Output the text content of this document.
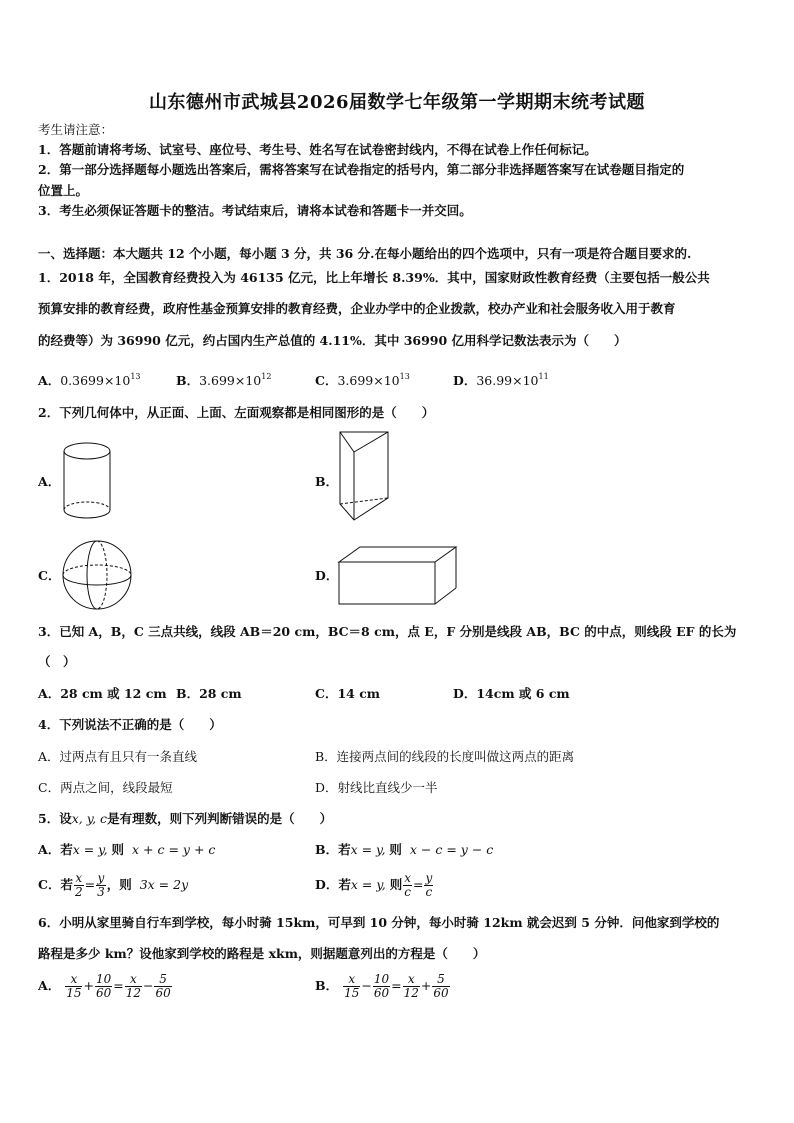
山东德州市武城县2026届数学七年级第一学期期末统考试题
考生请注意：
1．答题前请将考场、试室号、座位号、考生号、姓名写在试卷密封线内，不得在试卷上作任何标记。
2．第一部分选择题每小题选出答案后，需将答案写在试卷指定的括号内，第二部分非选择题答案写在试卷题目指定的
位置上。
3．考生必须保证答题卡的整洁。考试结束后，请将本试卷和答题卡一并交回。
一、选择题：本大题共 12 个小题，每小题 3 分，共 36 分.在每小题给出的四个选项中，只有一项是符合题目要求的.
1．2018 年，全国教育经费投入为 46135 亿元，比上年增长 8.39%．其中，国家财政性教育经费（主要包括一般公共
预算安排的教育经费，政府性基金预算安排的教育经费，企业办学中的企业拨款，校办产业和社会服务收入用于教育
的经费等）为 36990 亿元，约占国内生产总值的 4.11%．其中 36990 亿用科学记数法表示为（　　）
A．$0.3699\times 10^{13}$	B．$3.699\times 10^{12}$	C．$3.699\times 10^{13}$	D．$36.99\times 10^{11}$
2．下列几何体中，从正面、上面、左面观察都是相同图形的是（　　）
A．	B．
C．	D．
3．已知 A，B，C 三点共线，线段 AB＝20 cm，BC＝8 cm，点 E，F 分别是线段 AB，BC 的中点，则线段 EF 的长为
（　）
A．28 cm 或 12 cm B．28 cm	C．14 cm	D．14cm 或 6 cm
4．下列说法不正确的是（　　）
A．过两点有且只有一条直线	B．连接两点间的线段的长度叫做这两点的距离
C．两点之间，线段最短	D．射线比直线少一半
5．设x, y, c是有理数，则下列判断错误的是（　　）
A．若x = y, 则 x + c = y + c	B．若x = y, 则 x − c = y − c
C．若 $\frac{x}{2} = \frac{y}{3}$ ，则 3x = 2y	D．若x = y, 则 $\frac{x}{c} = \frac{y}{c}$
6．小明从家里骑自行车到学校，每小时骑 15km，可早到 10 分钟，每小时骑 12km 就会迟到 5 分钟．问他家到学校的
路程是多少 km？设他家到学校的路程是 xkm，则据题意列出的方程是（　　）
A． $\frac{x}{15} + \frac{10}{60} = \frac{x}{12} - \frac{5}{60}$	B． $\frac{x}{15} - \frac{10}{60} = \frac{x}{12} + \frac{5}{60}$
